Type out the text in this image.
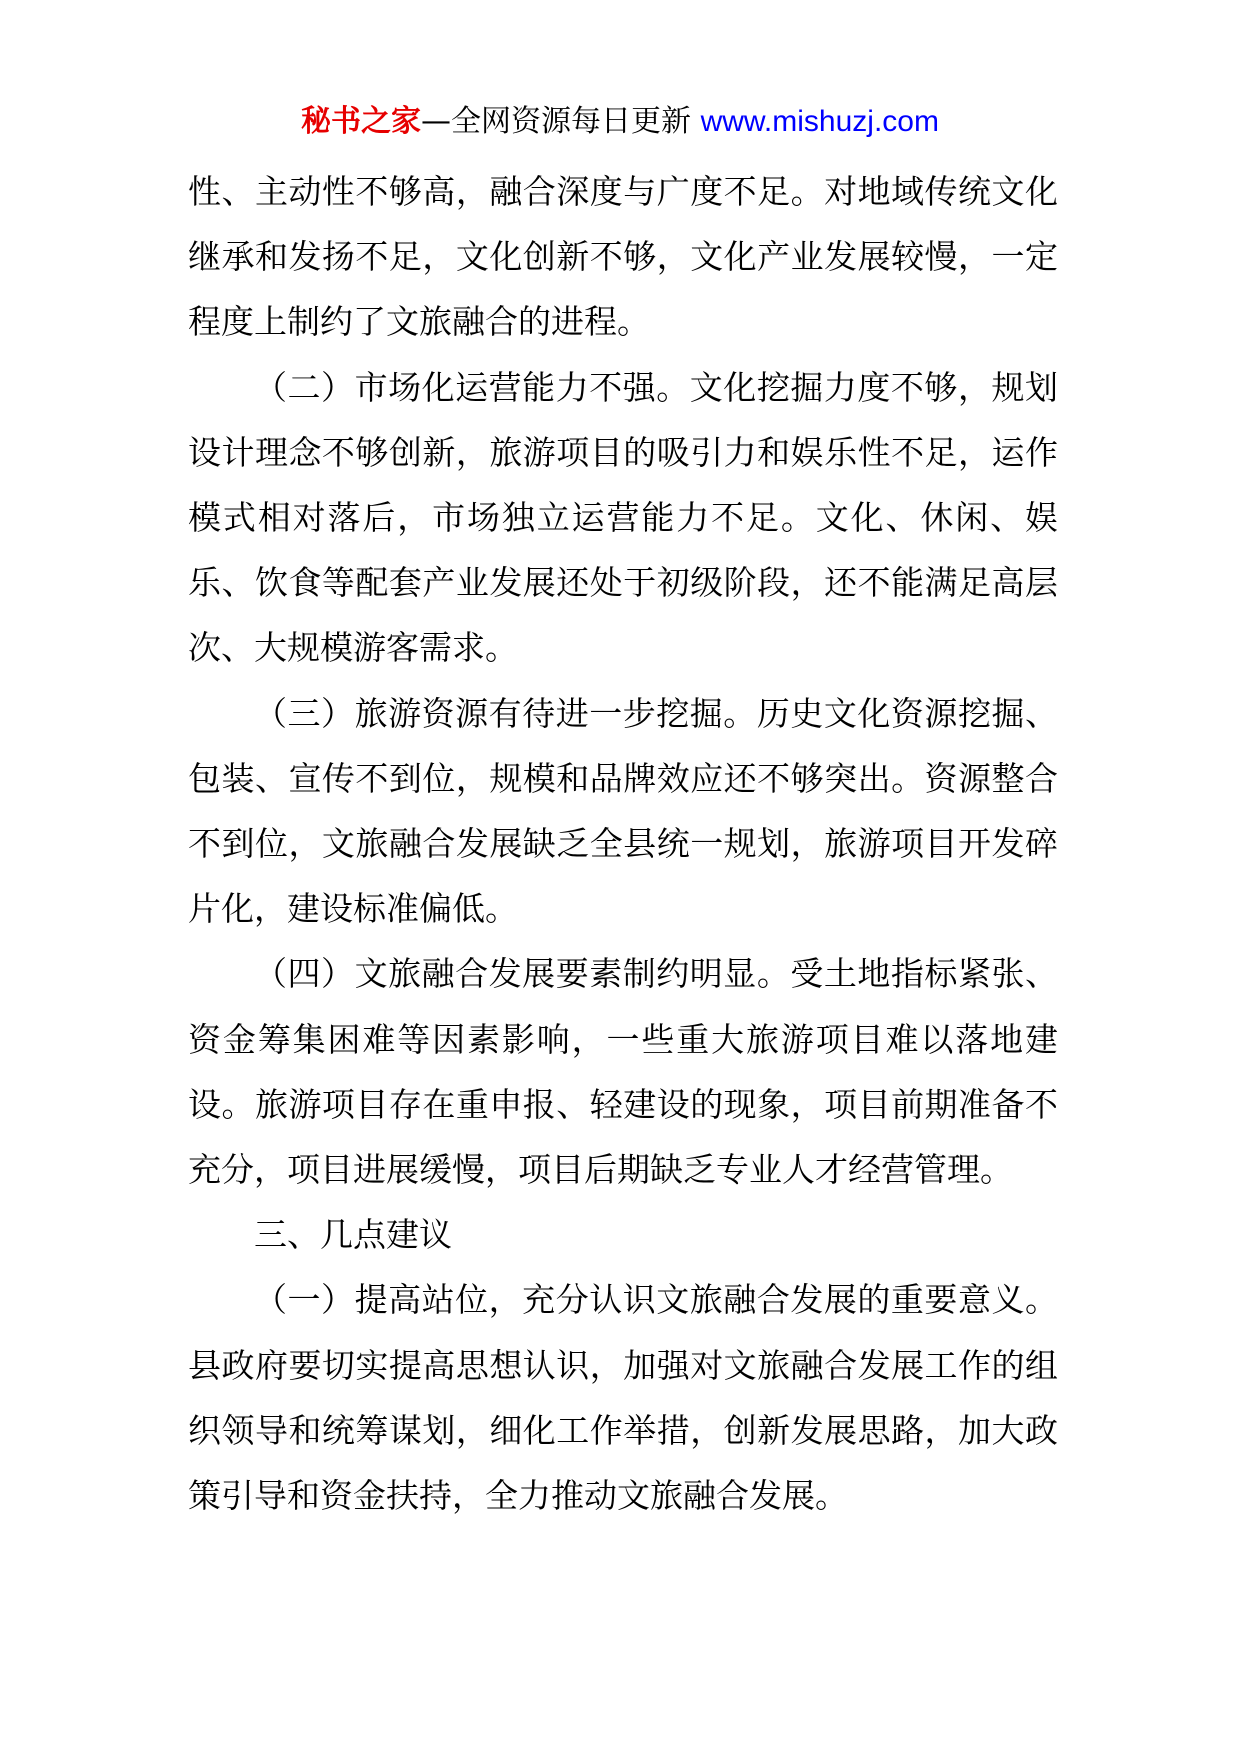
秘书之家—全网资源每日更新 www.mishuzj.com

性、主动性不够高，融合深度与广度不足。对地域传统文化继承和发扬不足，文化创新不够，文化产业发展较慢，一定程度上制约了文旅融合的进程。

（二）市场化运营能力不强。文化挖掘力度不够，规划设计理念不够创新，旅游项目的吸引力和娱乐性不足，运作模式相对落后，市场独立运营能力不足。文化、休闲、娱乐、饮食等配套产业发展还处于初级阶段，还不能满足高层次、大规模游客需求。

（三）旅游资源有待进一步挖掘。历史文化资源挖掘、包装、宣传不到位，规模和品牌效应还不够突出。资源整合不到位，文旅融合发展缺乏全县统一规划，旅游项目开发碎片化，建设标准偏低。

（四）文旅融合发展要素制约明显。受土地指标紧张、资金筹集困难等因素影响，一些重大旅游项目难以落地建设。旅游项目存在重申报、轻建设的现象，项目前期准备不充分，项目进展缓慢，项目后期缺乏专业人才经营管理。

三、几点建议

（一）提高站位，充分认识文旅融合发展的重要意义。县政府要切实提高思想认识，加强对文旅融合发展工作的组织领导和统筹谋划，细化工作举措，创新发展思路，加大政策引导和资金扶持，全力推动文旅融合发展。
